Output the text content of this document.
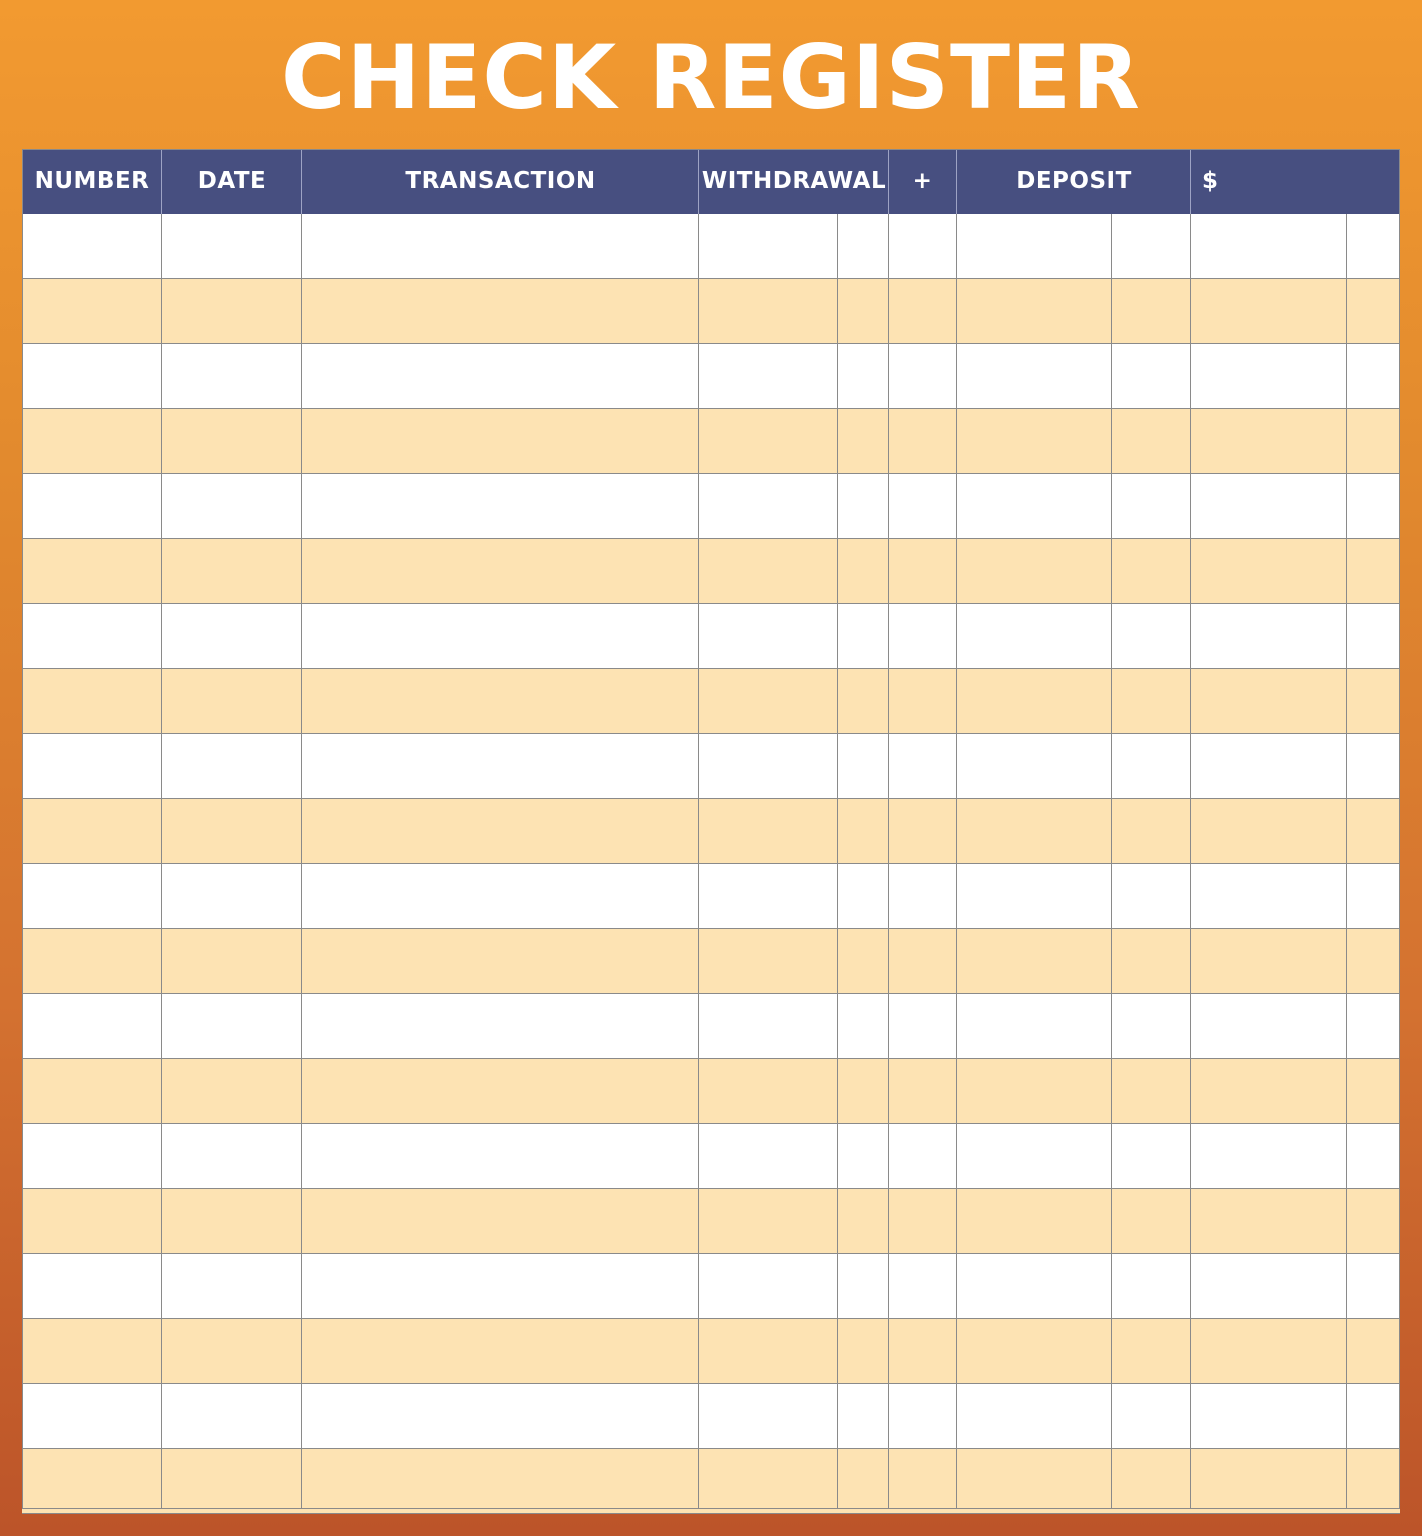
CHECK REGISTER
NUMBER	DATE	TRANSACTION	WITHDRAWAL	+	DEPOSIT	$
